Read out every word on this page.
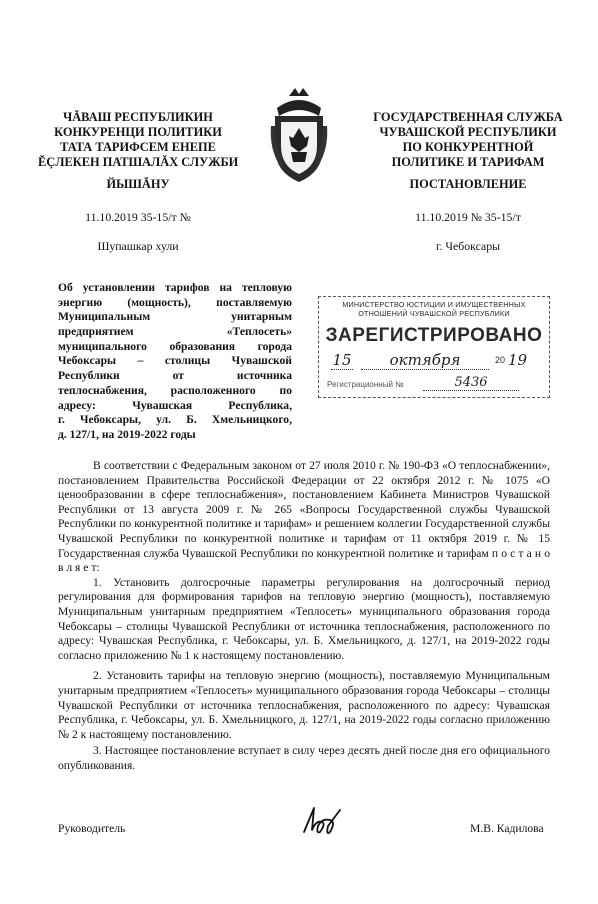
ЧĂВАШ РЕСПУБЛИКИН
КОНКУРЕНЦИ ПОЛИТИКИ
ТАТА ТАРИФСЕМ ЕНЕПЕ
ĔÇЛЕКЕН ПАТШАЛĂХ СЛУЖБИ
ЙЫШĂНУ
11.10.2019 35-15/т №
Шупашкар хули
ГОСУДАРСТВЕННАЯ СЛУЖБА
ЧУВАШСКОЙ РЕСПУБЛИКИ
ПО КОНКУРЕНТНОЙ
ПОЛИТИКЕ И ТАРИФАМ
ПОСТАНОВЛЕНИЕ
11.10.2019 № 35-15/т
г. Чебоксары
Об установлении тарифов на тепловую
энергию (мощность), поставляемую
Муниципальным унитарным
предприятием «Теплосеть»
муниципального образования города
Чебоксары – столицы Чувашской
Республики от источника
теплоснабжения, расположенного по
адресу: Чувашская Республика,
г. Чебоксары, ул. Б. Хмельницкого,
д. 127/1, на 2019-2022 годы
МИНИСТЕРСТВО ЮСТИЦИИ И ИМУЩЕСТВЕННЫХ
ОТНОШЕНИЙ ЧУВАШСКОЙ РЕСПУБЛИКИ
ЗАРЕГИСТРИРОВАНО
15	октября	20 19
Регистрационный №	5436

В соответствии с Федеральным законом от 27 июля 2010 г. № 190-ФЗ «О теплоснабжении», постановлением Правительства Российской Федерации от 22 октября 2012 г. № 1075 «О ценообразовании в сфере теплоснабжения», постановлением Кабинета Министров Чувашской Республики от 13 августа 2009 г. № 265 «Вопросы Государственной службы Чувашской Республики по конкурентной политике и тарифам» и решением коллегии Государственной службы Чувашской Республики по конкурентной политике и тарифам от 11 октября 2019 г. № 15 Государственная служба Чувашской Республики по конкурентной политике и тарифам п о с т а н о в л я е т:

1. Установить долгосрочные параметры регулирования на долгосрочный период регулирования для формирования тарифов на тепловую энергию (мощность), поставляемую Муниципальным унитарным предприятием «Теплосеть» муниципального образования города Чебоксары – столицы Чувашской Республики от источника теплоснабжения, расположенного по адресу: Чувашская Республика, г. Чебоксары, ул. Б. Хмельницкого, д. 127/1, на 2019-2022 годы согласно приложению № 1 к настоящему постановлению.

2. Установить тарифы на тепловую энергию (мощность), поставляемую Муниципальным унитарным предприятием «Теплосеть» муниципального образования города Чебоксары – столицы Чувашской Республики от источника теплоснабжения, расположенного по адресу: Чувашская Республика, г. Чебоксары, ул. Б. Хмельницкого, д. 127/1, на 2019-2022 годы согласно приложению № 2 к настоящему постановлению.

3. Настоящее постановление вступает в силу через десять дней после дня его официального опубликования.

Руководитель	М.В. Кадилова
